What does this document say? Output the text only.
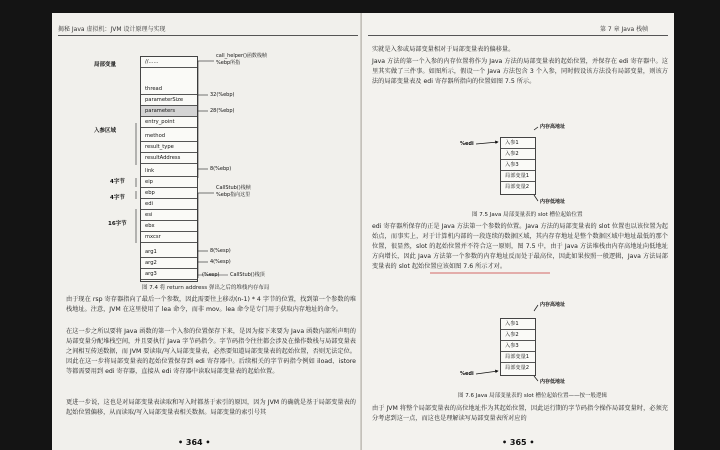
揭秘 Java 虚拟机：JVM 设计原理与实现
局部变量
入参区域
4字节
4字节
16字节
//......
thread
parameterSize
parameters
entry_point
method
result_type
resultAddress
link
eip
ebp
edi
esi
ebx
mxcsr
arg1
arg2
arg3
call_helper()函数栈帧
%ebp所指
32(%ebp)
28(%ebp)
8(%ebp)
CallStub()栈帧
%ebp指向这里
8(%esp)
4(%esp)
(%esp) CallStub()栈顶
图 7.4 将 return address 弹出之后的堆栈内存布局

由于现在 rsp 寄存器指向了最后一个参数，因此需要往上移动(n-1) * 4 字节的位置，找到第一个参数的堆栈地址。注意，JVM 在这里使用了 lea 命令，而非 mov。lea 命令是专门用于获取内存地址的命令。

在这一步之所以要将 Java 函数的第一个入参的位置保存下来，是因为接下来要为 Java 函数内部所声明的局部变量分配堆栈空间，并且要执行 Java 字节码指令。字节码指令往往都会涉及在操作数栈与局部变量表之间相互传送数据，而 JVM 要读取/写入局部变量表，必然要知道局部变量表的起始位置，否则无法定位。因此在这一步将局部变量表的起始位置保存到 edi 寄存器中。后续相关的字节码指令例如 iload、istore 等都需要用到 edi 寄存器，直接从 edi 寄存器中读取局部变量表的起始位置。

更进一步说，这也是对局部变量表读取和写入时都基于索引的原因，因为 JVM 的确就是基于局部变量表的起始位置偏移，从而读取/写入局部变量表相关数据。局部变量的索引号其

• 364 •
第 7 章 Java 栈帧

实就是入参或局部变量相对于局部变量表的偏移量。

Java 方法的第一个入参的内存位置将作为 Java 方法的局部变量表的起始位置，并保存在 edi 寄存器中。这里其实做了三件事。如图所示，假设一个 Java 方法包含 3 个入参，同时假设该方法没有局部变量，则该方法的局部变量表及 edi 寄存器所指向的位置如图 7.5 所示。

内存高地址
%edi	入参1
入参2
入参3
局部变量1
局部变量2
内存低地址
图 7.5 Java 局部变量表的 slot 槽位起始位置

edi 寄存器所保存的正是 Java 方法第一个参数的位置。Java 方法的局部变量表的 slot 位置也以该位置为起始点，而事实上，对于计算机内部的一段连续的数据区域，其内存存地址是整个数据区域中地址最低的那个位置，很显然，slot 的起始位置并不符合这一原则，图 7.5 中，由于 Java 方法堆栈由内存高地址向低地址方向增长，因此 Java 方法第一个参数的内存地址反而处于最高位，因此如果按照一般逻辑，Java 方法局部变量表的 slot 起始位置应该如图 7.6 所示才对。

内存高地址
%edi
入参1
入参2
入参3
局部变量1
局部变量2
内存低地址
图 7.6 Java 局部变量表的 slot 槽位起始位置——按一般逻辑

由于 JVM 将整个局部变量表的高位地址作为其起始位置，因此运行期的字节码指令操作局部变量时，必须充分考虑到这一点，而这也是理解读写局部变量表所对应的

• 365 •
